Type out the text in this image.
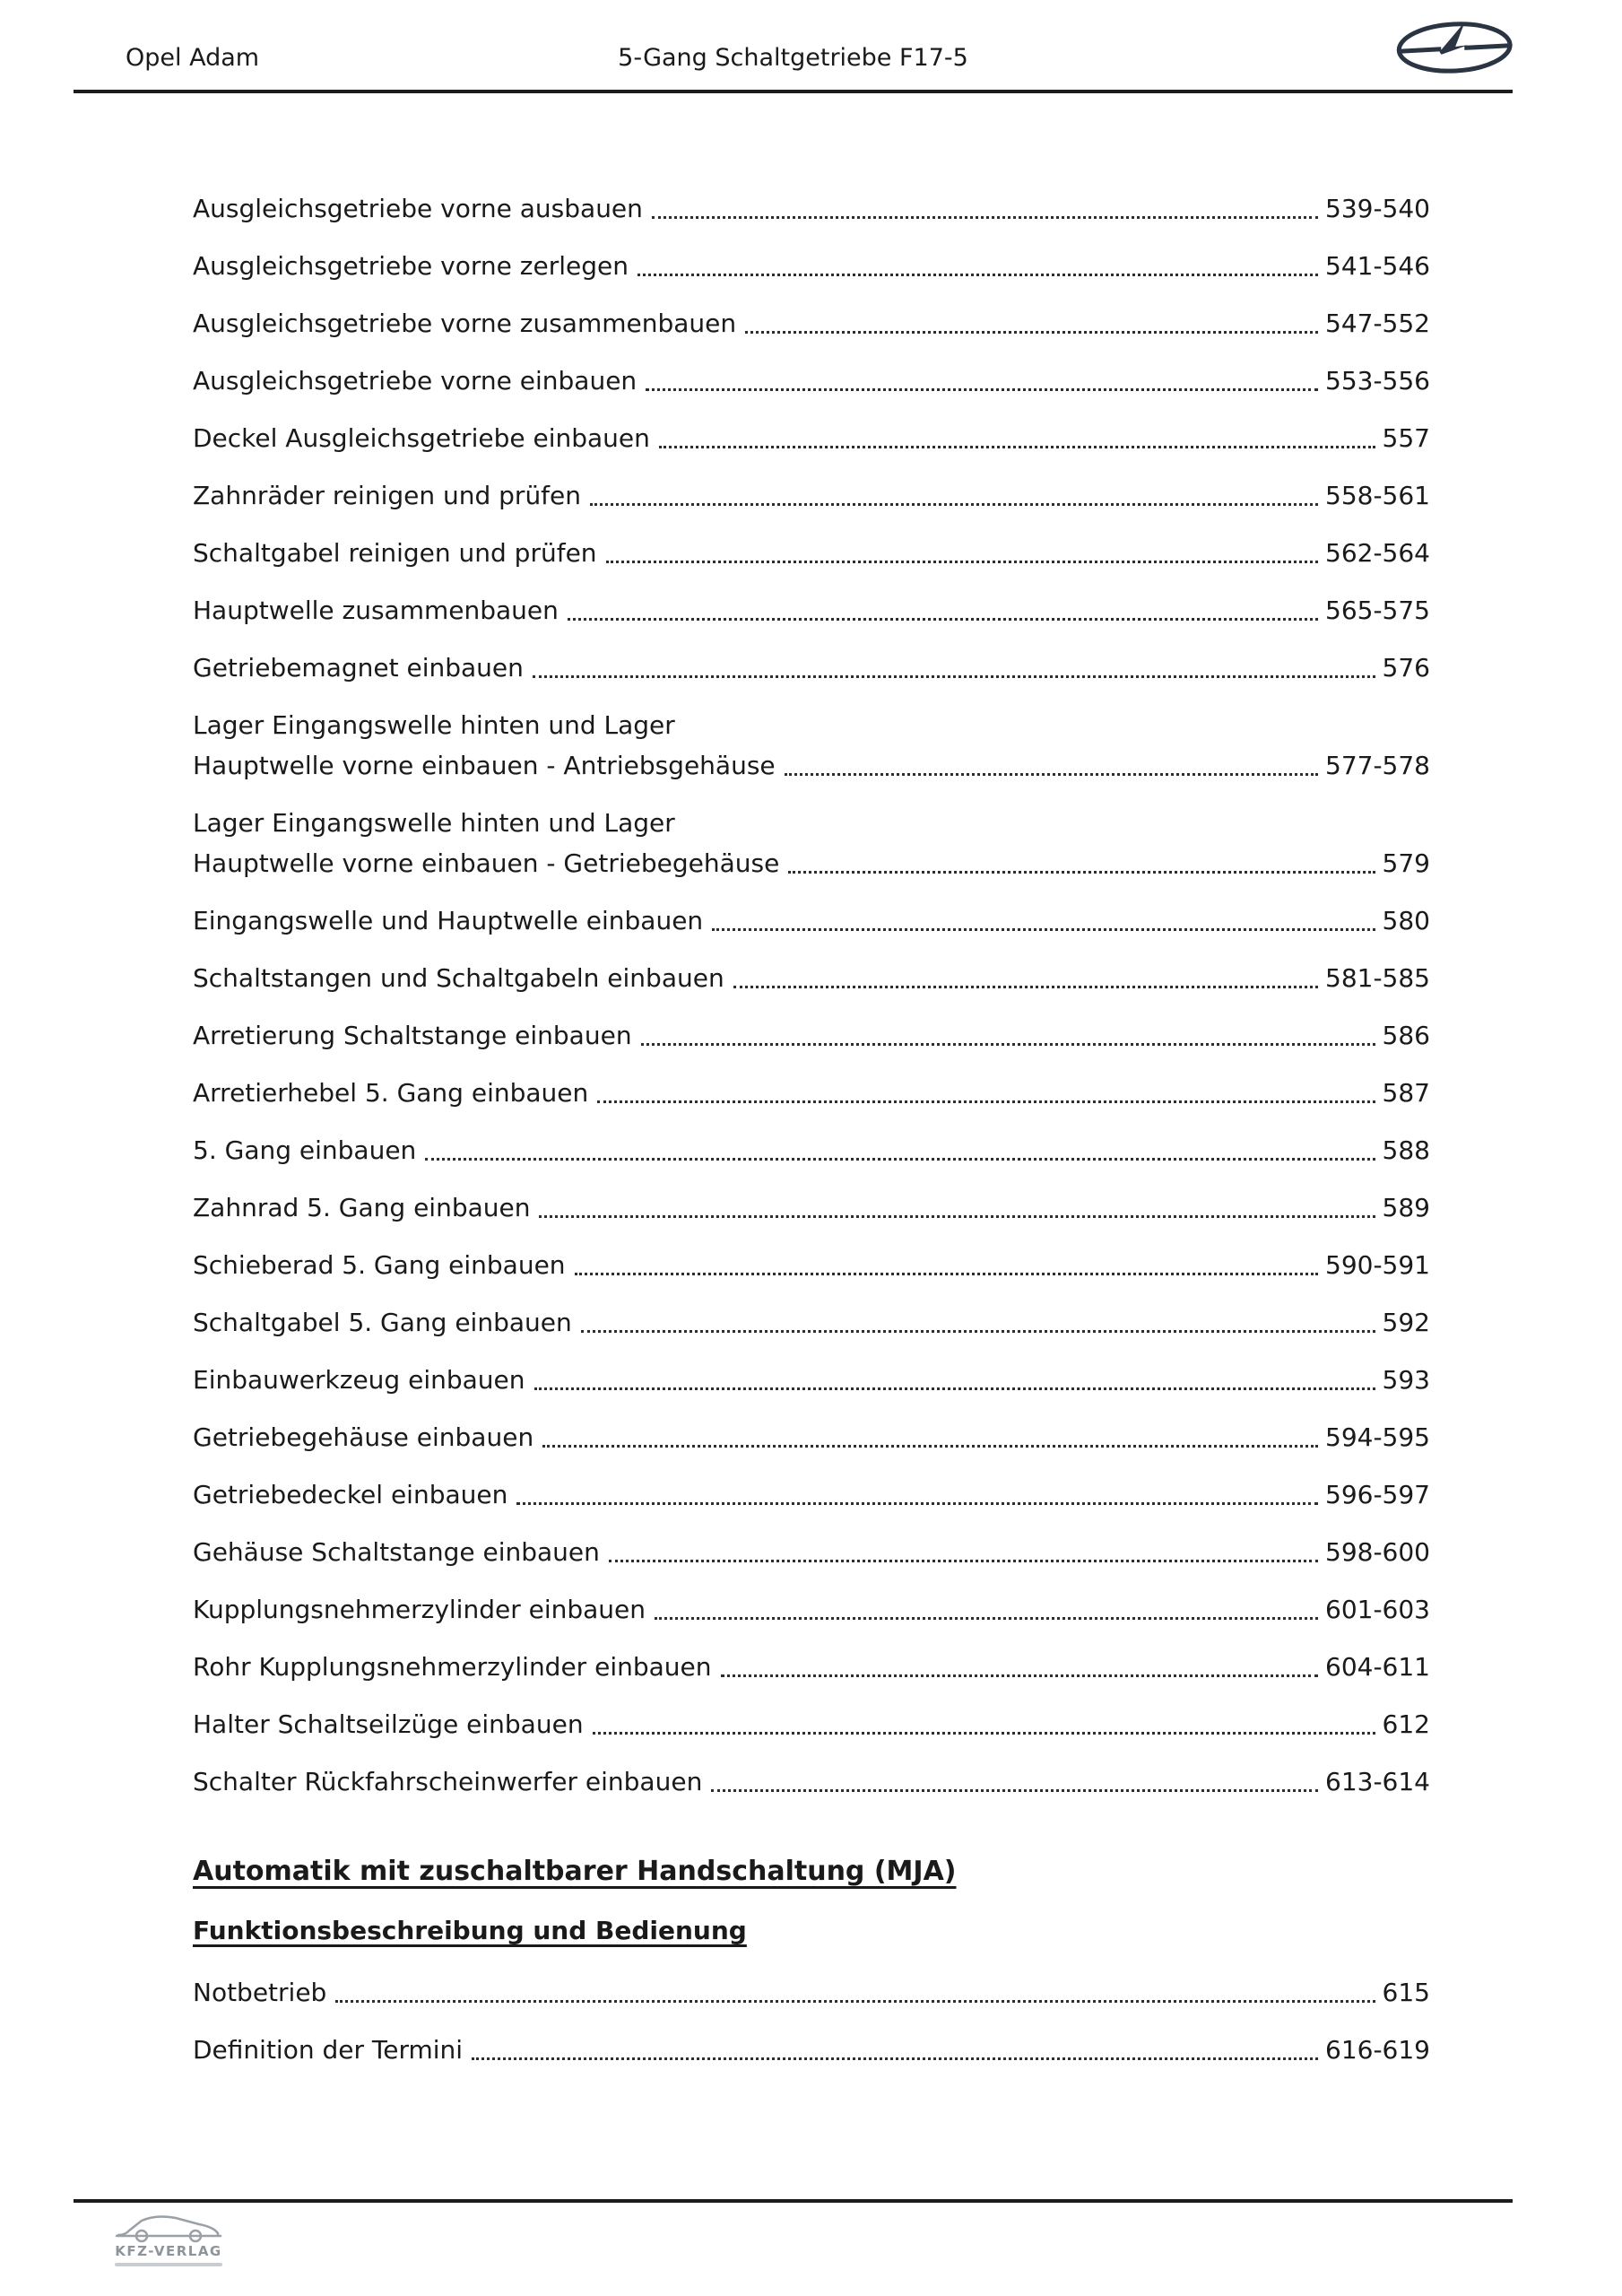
Opel Adam	5-Gang Schaltgetriebe F17-5
Ausgleichsgetriebe vorne ausbauen	539-540
Ausgleichsgetriebe vorne zerlegen	541-546
Ausgleichsgetriebe vorne zusammenbauen	547-552
Ausgleichsgetriebe vorne einbauen	553-556
Deckel Ausgleichsgetriebe einbauen	557
Zahnräder reinigen und prüfen	558-561
Schaltgabel reinigen und prüfen	562-564
Hauptwelle zusammenbauen	565-575
Getriebemagnet einbauen	576
Lager Eingangswelle hinten und Lager
Hauptwelle vorne einbauen - Antriebsgehäuse	577-578
Lager Eingangswelle hinten und Lager
Hauptwelle vorne einbauen - Getriebegehäuse	579
Eingangswelle und Hauptwelle einbauen	580
Schaltstangen und Schaltgabeln einbauen	581-585
Arretierung Schaltstange einbauen	586
Arretierhebel 5. Gang einbauen	587
5. Gang einbauen	588
Zahnrad 5. Gang einbauen	589
Schieberad 5. Gang einbauen	590-591
Schaltgabel 5. Gang einbauen	592
Einbauwerkzeug einbauen	593
Getriebegehäuse einbauen	594-595
Getriebedeckel einbauen	596-597
Gehäuse Schaltstange einbauen	598-600
Kupplungsnehmerzylinder einbauen	601-603
Rohr Kupplungsnehmerzylinder einbauen	604-611
Halter Schaltseilzüge einbauen	612
Schalter Rückfahrscheinwerfer einbauen	613-614
Automatik mit zuschaltbarer Handschaltung (MJA)
Funktionsbeschreibung und Bedienung
Notbetrieb	615
Definition der Termini	616-619
KFZ-VERLAG
